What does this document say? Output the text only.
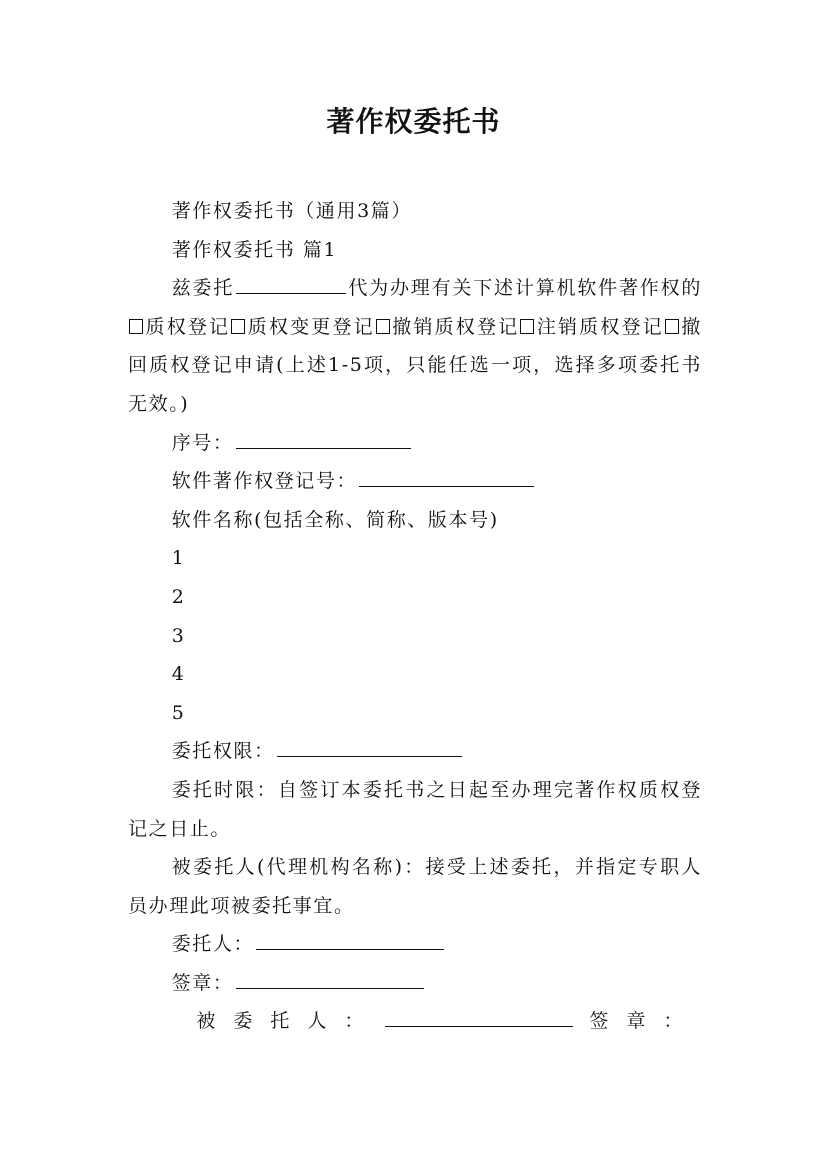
著作权委托书

著作权委托书（通用3篇）

著作权委托书 篇1

兹委托	代为办理有关下述计算机软件著作权的质权登记 质权变更登记 撤销质权登记 注销质权登记 撤回质权登记申请(上述1-5项，只能任选一项，选择多项委托书无效。)

序号：

软件著作权登记号：

软件名称(包括全称、简称、版本号)

1

2

3

4

5

委托权限：

委托时限：自签订本委托书之日起至办理完著作权质权登记之日止。

被委托人(代理机构名称)：接受上述委托，并指定专职人员办理此项被委托事宜。

委托人：

签章：

被委托人：	签章：
